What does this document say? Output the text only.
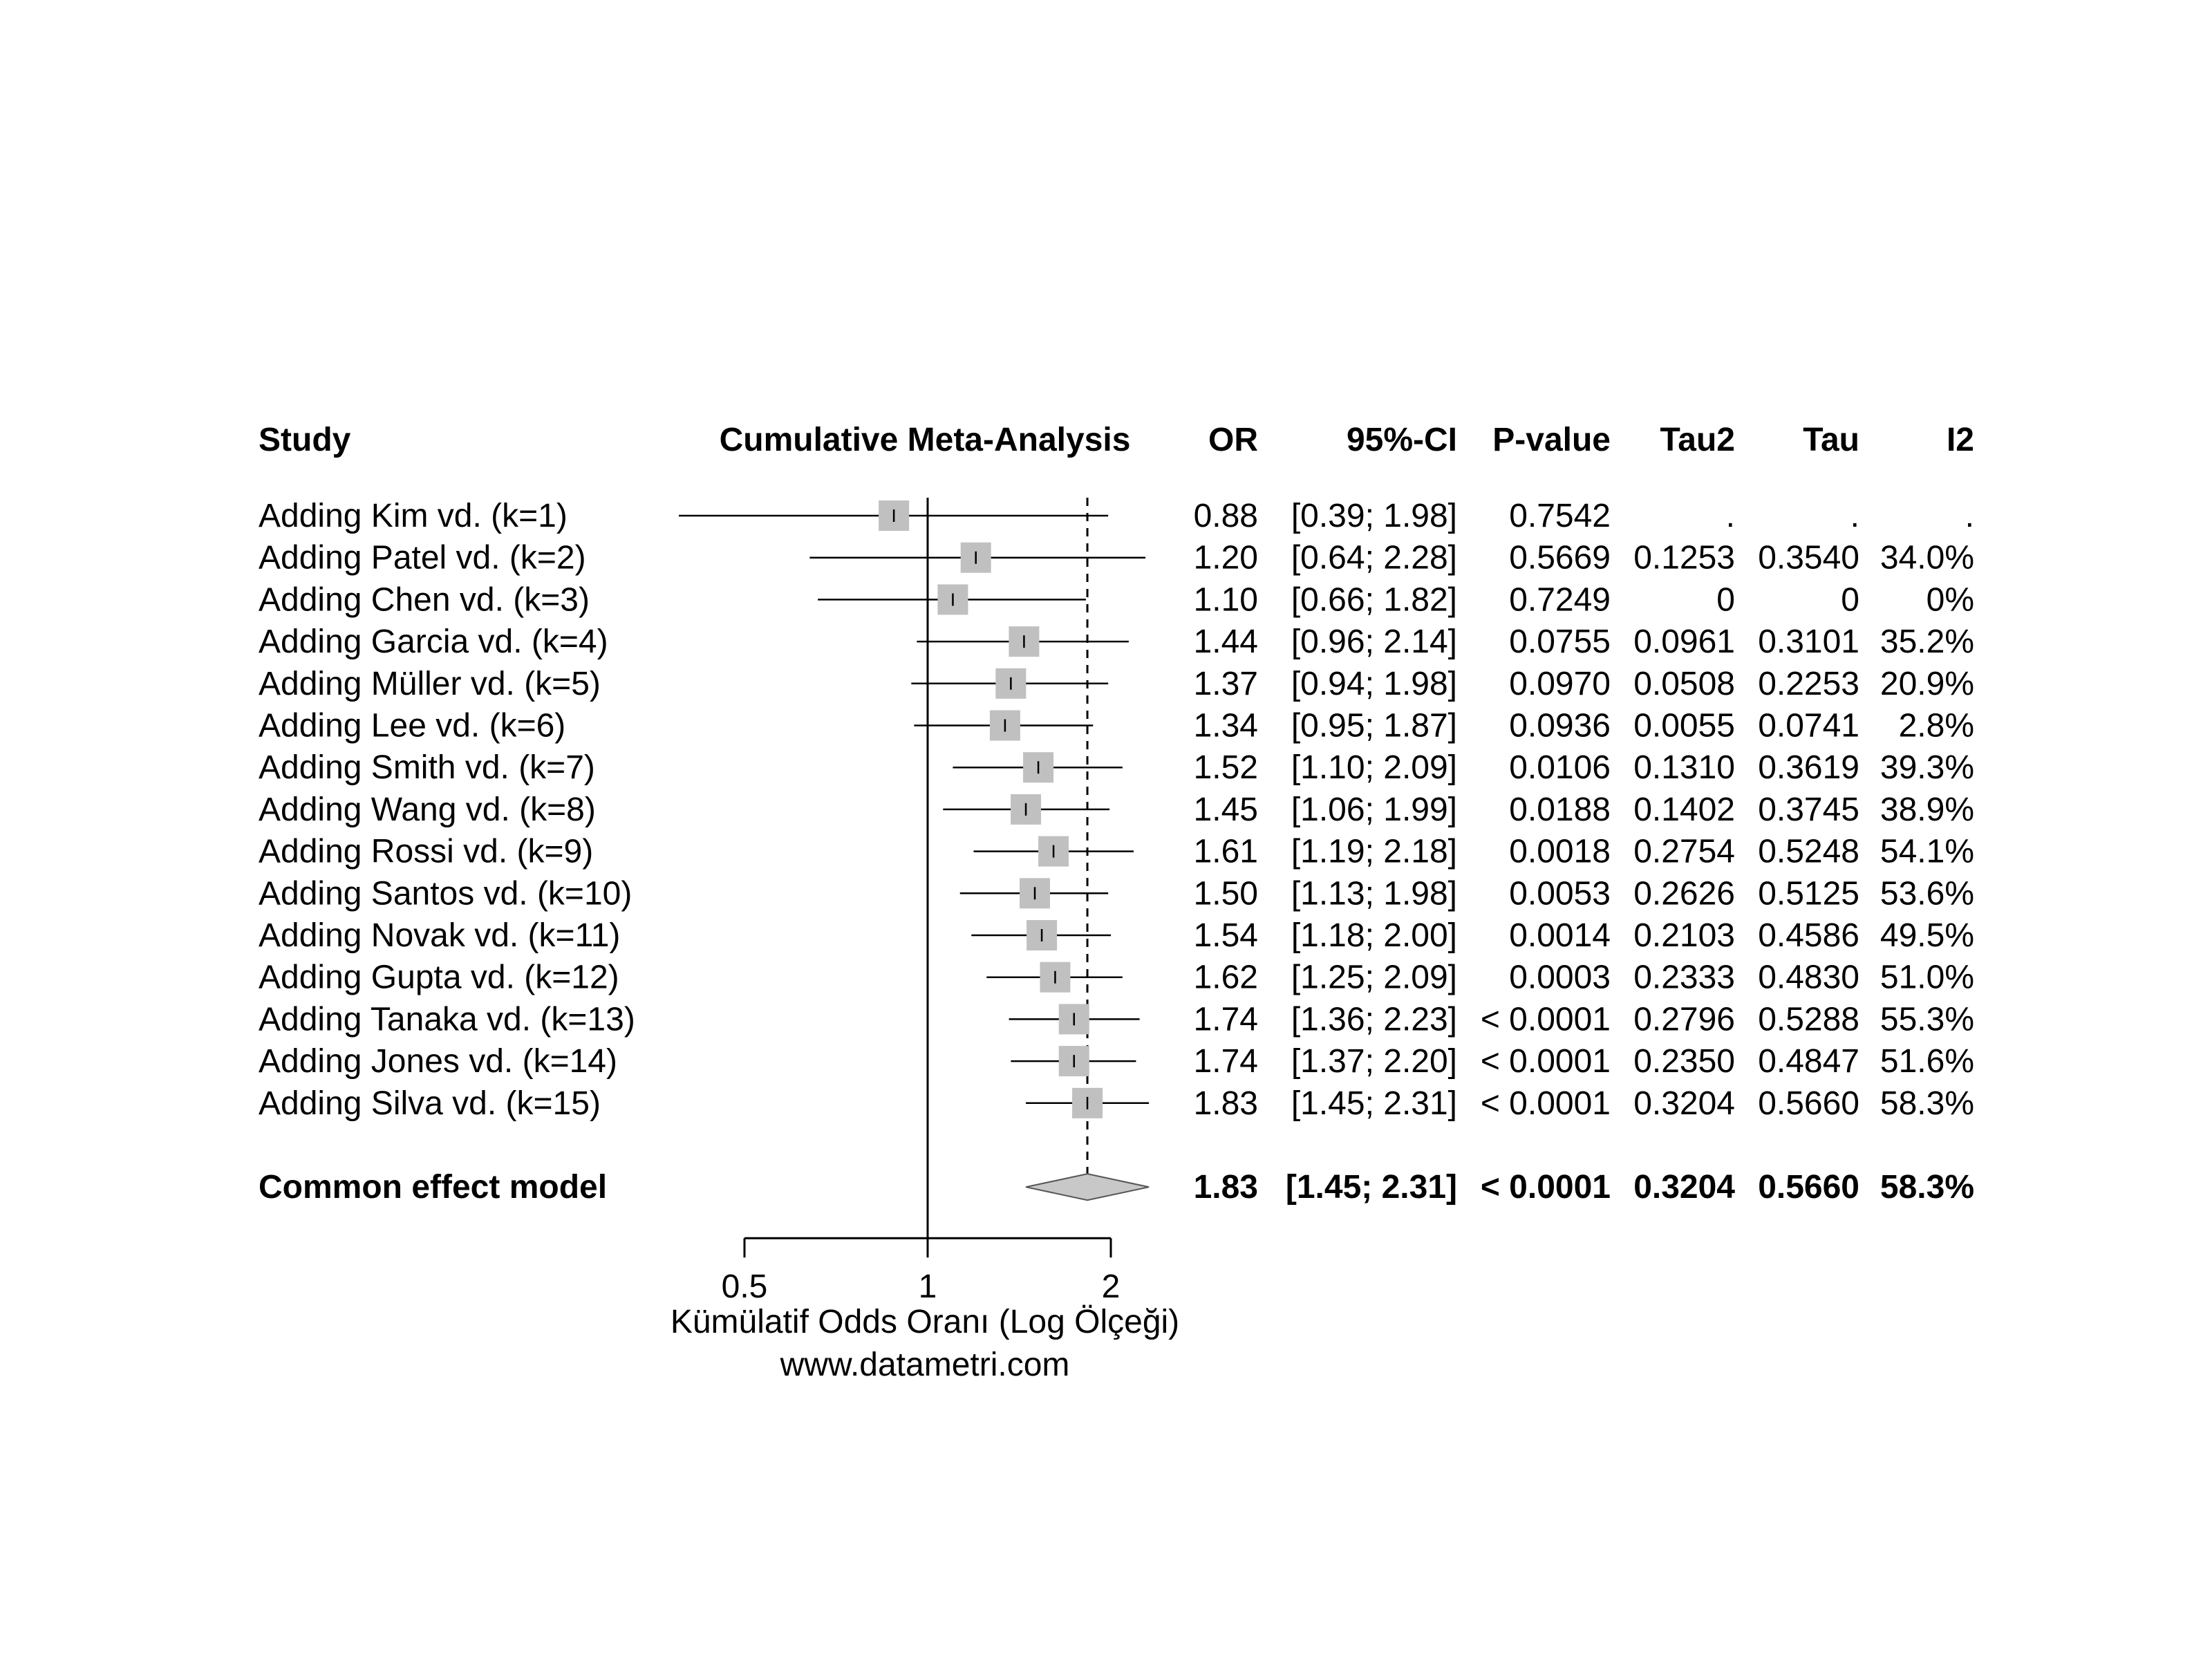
Study	Cumulative Meta-Analysis OR	95%-CI P-value Tau2 Tau	I2
Adding Kim vd. (k=1)	0.88 [0.39; 1.98] 0.7542	.	.	.
Adding Patel vd. (k=2)	1.20 [0.64; 2.28] 0.5669 0.1253 0.3540 34.0%
Adding Chen vd. (k=3)	1.10 [0.66; 1.82] 0.7249	0	0 0%
Adding Garcia vd. (k=4)	1.44 [0.96; 2.14] 0.0755 0.0961 0.3101 35.2%
Adding Müller vd. (k=5)	1.37 [0.94; 1.98] 0.0970 0.0508 0.2253 20.9%
Adding Lee vd. (k=6)	1.34 [0.95; 1.87] 0.0936 0.0055 0.0741 2.8%
Adding Smith vd. (k=7)	1.52 [1.10; 2.09] 0.0106 0.1310 0.3619 39.3%
Adding Wang vd. (k=8)	1.45 [1.06; 1.99] 0.0188 0.1402 0.3745 38.9%
Adding Rossi vd. (k=9)	1.61 [1.19; 2.18] 0.0018 0.2754 0.5248 54.1%
Adding Santos vd. (k=10)	1.50 [1.13; 1.98] 0.0053 0.2626 0.5125 53.6%
Adding Novak vd. (k=11)	1.54 [1.18; 2.00] 0.0014 0.2103 0.4586 49.5%
Adding Gupta vd. (k=12)	1.62 [1.25; 2.09] 0.0003 0.2333 0.4830 51.0%
Adding Tanaka vd. (k=13)	1.74 [1.36; 2.23] < 0.0001 0.2796 0.5288 55.3%
Adding Jones vd. (k=14)	1.74 [1.37; 2.20] < 0.0001 0.2350 0.4847 51.6%
Adding Silva vd. (k=15)	1.83 [1.45; 2.31] < 0.0001 0.3204 0.5660 58.3%
Common effect model	1.83 [1.45; 2.31] < 0.0001 0.3204 0.5660 58.3%
0.5	1	2
Kümülatif Odds Oranı (Log Ölçeği)
www.datametri.com
